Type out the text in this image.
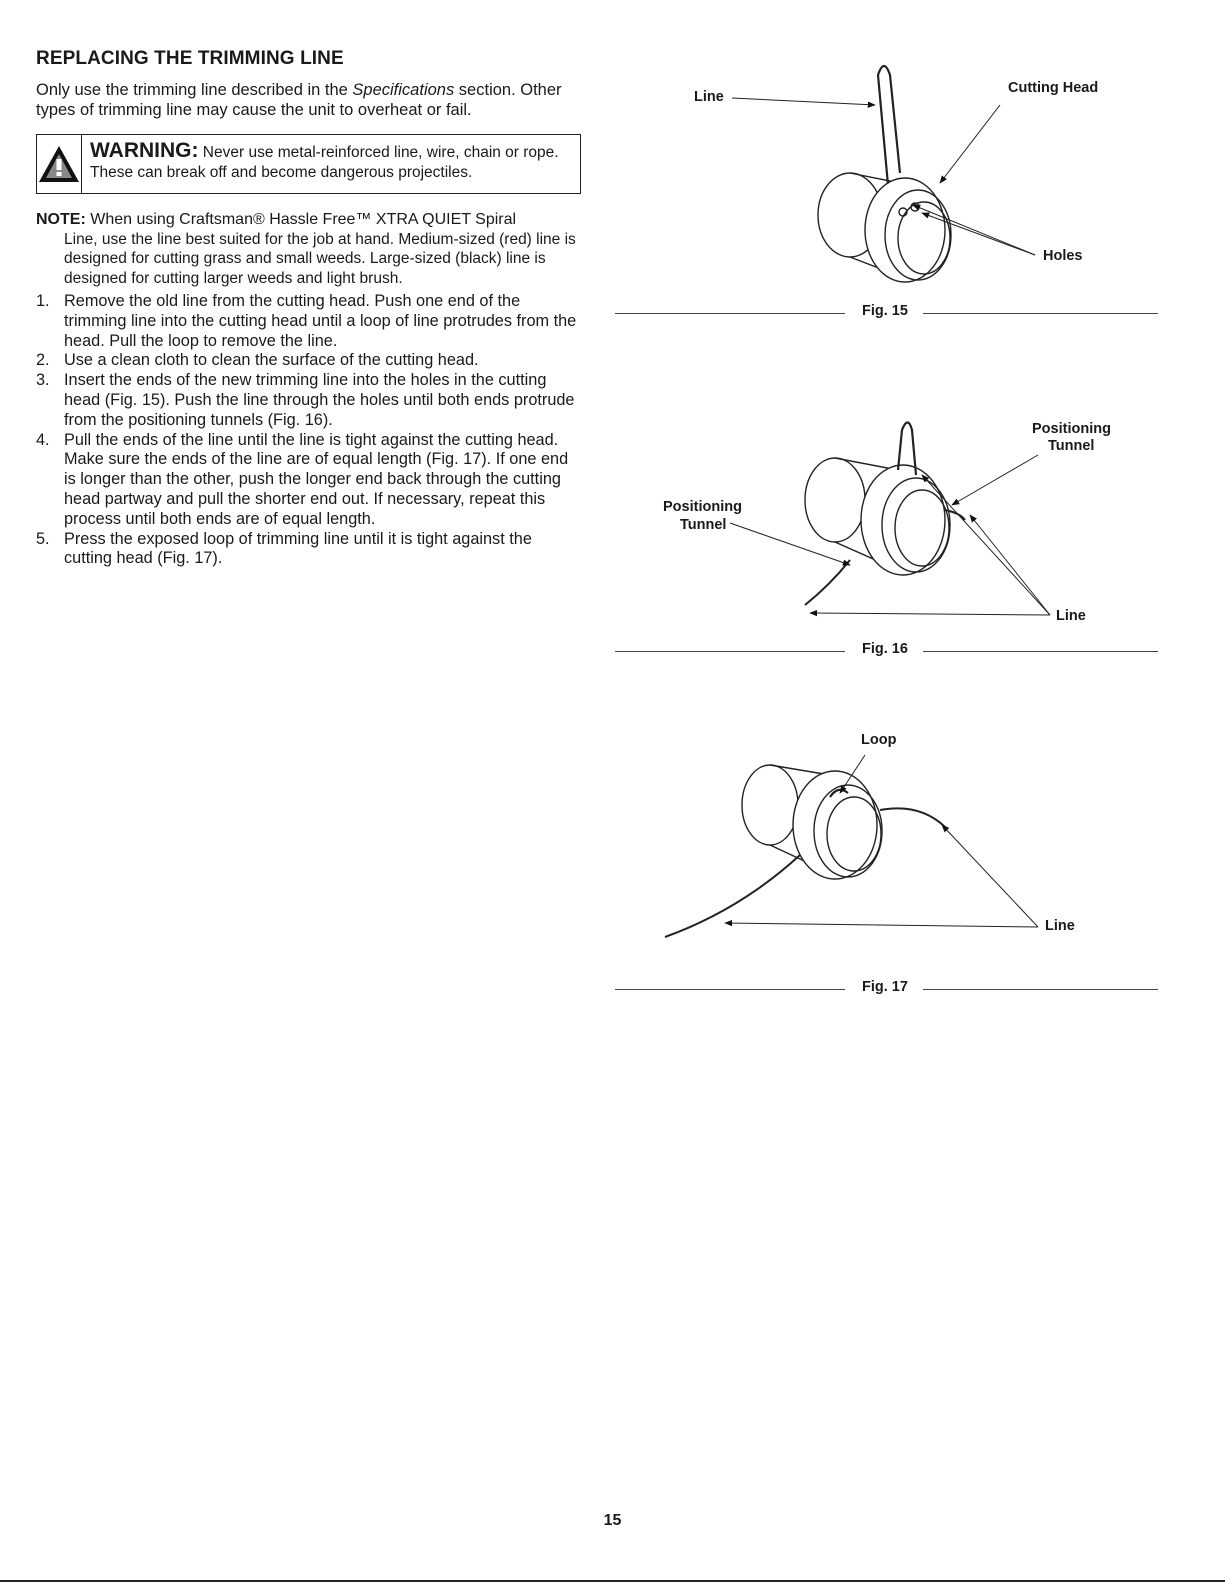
REPLACING THE TRIMMING LINE

Only use the trimming line described in the Specifications section. Other types of trimming line may cause the unit to overheat or fail.

WARNING: Never use metal-reinforced line, wire, chain or rope. These can break off and become dangerous projectiles.
NOTE: When using Craftsman® Hassle Free™ XTRA QUIET Spiral
Line, use the line best suited for the job at hand. Medium-sized (red) line is designed for cutting grass and small weeds. Large-sized (black) line is designed for cutting larger weeds and light brush.
1. Remove the old line from the cutting head. Push one end of the trimming line into the cutting head until a loop of line protrudes from the head. Pull the loop to remove the line.
2. Use a clean cloth to clean the surface of the cutting head.
3. Insert the ends of the new trimming line into the holes in the cutting head (Fig. 15). Push the line through the holes until both ends protrude from the positioning tunnels (Fig. 16).
4. Pull the ends of the line until the line is tight against the cutting head. Make sure the ends of the line are of equal length (Fig. 17). If one end is longer than the other, push the longer end back through the cutting head partway and pull the shorter end out. If necessary, repeat this process until both ends are of equal length.
5. Press the exposed loop of trimming line until it is tight against the cutting head (Fig. 17).
Line
Cutting Head
Holes
Fig. 15
Positioning
Tunnel
Positioning
Tunnel
Line
Fig. 16
Loop
Line
Fig. 17
15
